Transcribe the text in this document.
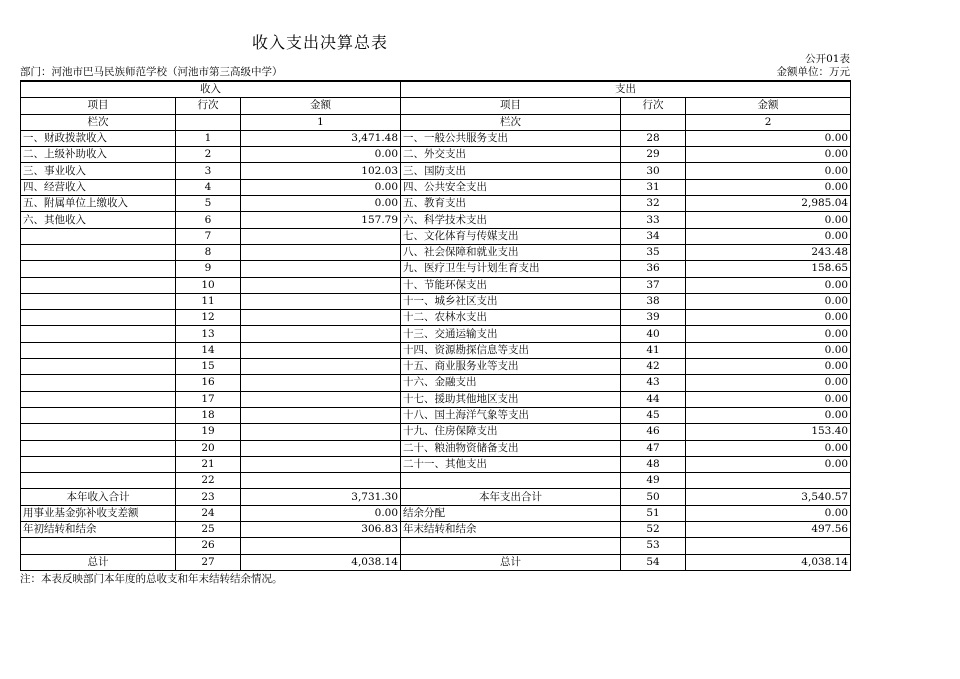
收入支出决算总表
公开01表
部门：河池市巴马民族师范学校（河池市第三高级中学）	金额单位：万元
收入			支出		
项目	行次	金额	项目	行次	金额
栏次		1	栏次		2
一、财政拨款收入	1	3,471.48	一、一般公共服务支出	28	0.00
二、上级补助收入	2	0.00	二、外交支出	29	0.00
三、事业收入	3	102.03	三、国防支出	30	0.00
四、经营收入	4	0.00	四、公共安全支出	31	0.00
五、附属单位上缴收入	5	0.00	五、教育支出	32	2,985.04
六、其他收入	6	157.79	六、科学技术支出	33	0.00
	7		七、文化体育与传媒支出	34	0.00
	8		八、社会保障和就业支出	35	243.48
	9		九、医疗卫生与计划生育支出	36	158.65
	10		十、节能环保支出	37	0.00
	11		十一、城乡社区支出	38	0.00
	12		十二、农林水支出	39	0.00
	13		十三、交通运输支出	40	0.00
	14		十四、资源勘探信息等支出	41	0.00
	15		十五、商业服务业等支出	42	0.00
	16		十六、金融支出	43	0.00
	17		十七、援助其他地区支出	44	0.00
	18		十八、国土海洋气象等支出	45	0.00
	19		十九、住房保障支出	46	153.40
	20		二十、粮油物资储备支出	47	0.00
	21		二十一、其他支出	48	0.00
	22			49	
本年收入合计	23	3,731.30	本年支出合计	50	3,540.57
用事业基金弥补收支差额	24	0.00	结余分配	51	0.00
年初结转和结余	25	306.83	年末结转和结余	52	497.56
	26			53	
总计	27	4,038.14	总计	54	4,038.14
注：本表反映部门本年度的总收支和年末结转结余情况。
